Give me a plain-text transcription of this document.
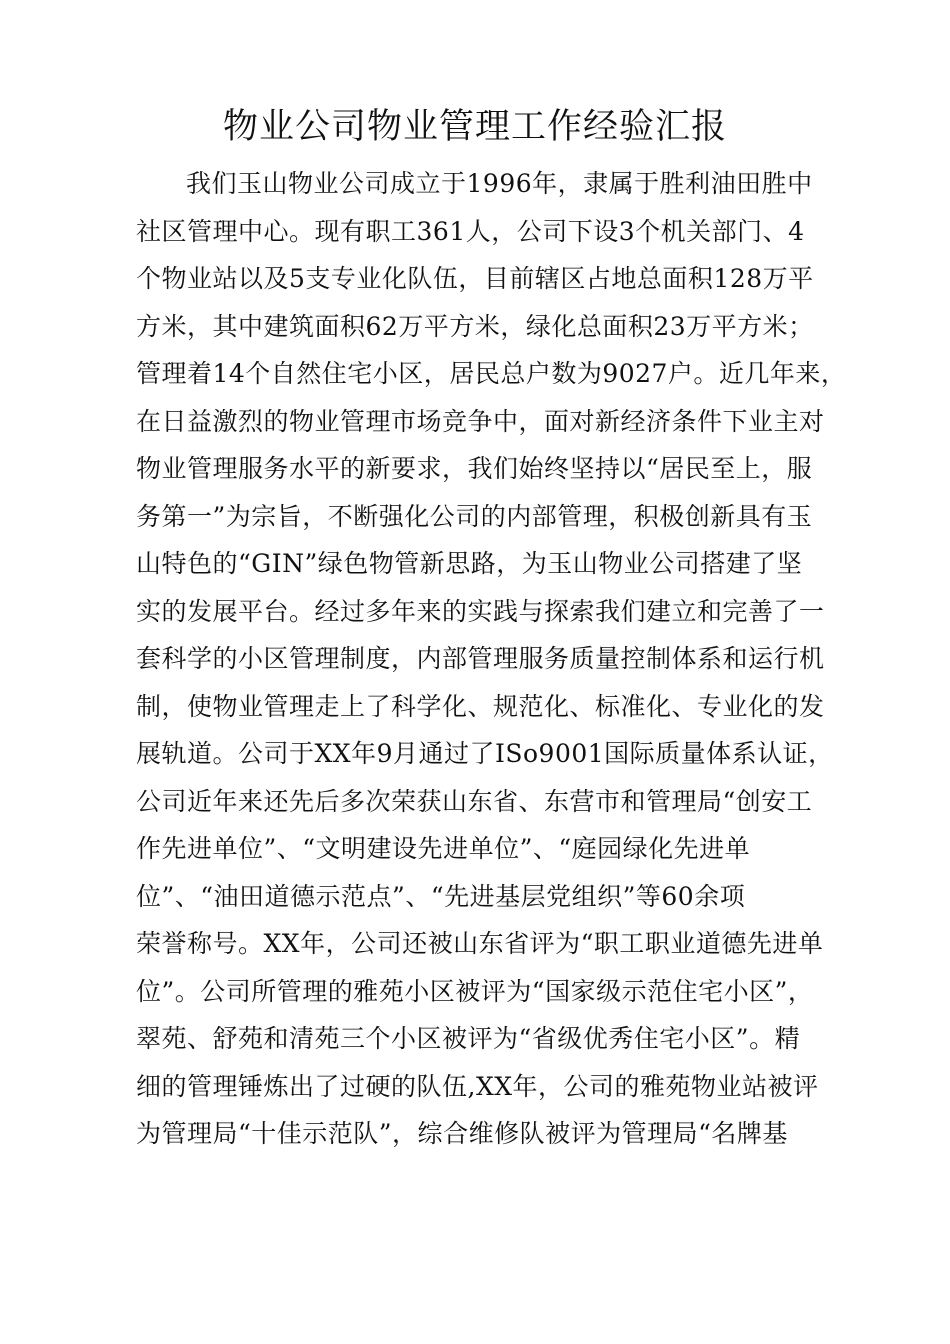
物业公司物业管理工作经验汇报
我们玉山物业公司成立于1996年，隶属于胜利油田胜中
社区管理中心。现有职工361人，公司下设3个机关部门、4
个物业站以及5支专业化队伍，目前辖区占地总面积128万平
方米，其中建筑面积62万平方米，绿化总面积23万平方米；
管理着14个自然住宅小区，居民总户数为9027户。近几年来，
在日益激烈的物业管理市场竞争中，面对新经济条件下业主对
物业管理服务水平的新要求，我们始终坚持以“居民至上，服
务第一”为宗旨，不断强化公司的内部管理，积极创新具有玉
山特色的“GIN”绿色物管新思路，为玉山物业公司搭建了坚
实的发展平台。经过多年来的实践与探索我们建立和完善了一
套科学的小区管理制度，内部管理服务质量控制体系和运行机
制，使物业管理走上了科学化、规范化、标准化、专业化的发
展轨道。公司于XX年9月通过了ISo9001国际质量体系认证，
公司近年来还先后多次荣获山东省、东营市和管理局“创安工
作先进单位”、“文明建设先进单位”、“庭园绿化先进单
位”、“油田道德示范点”、“先进基层党组织”等60余项
荣誉称号。XX年，公司还被山东省评为“职工职业道德先进单
位”。公司所管理的雅苑小区被评为“国家级示范住宅小区”，
翠苑、舒苑和清苑三个小区被评为“省级优秀住宅小区”。精
细的管理锤炼出了过硬的队伍,XX年，公司的雅苑物业站被评
为管理局“十佳示范队”，综合维修队被评为管理局“名牌基
